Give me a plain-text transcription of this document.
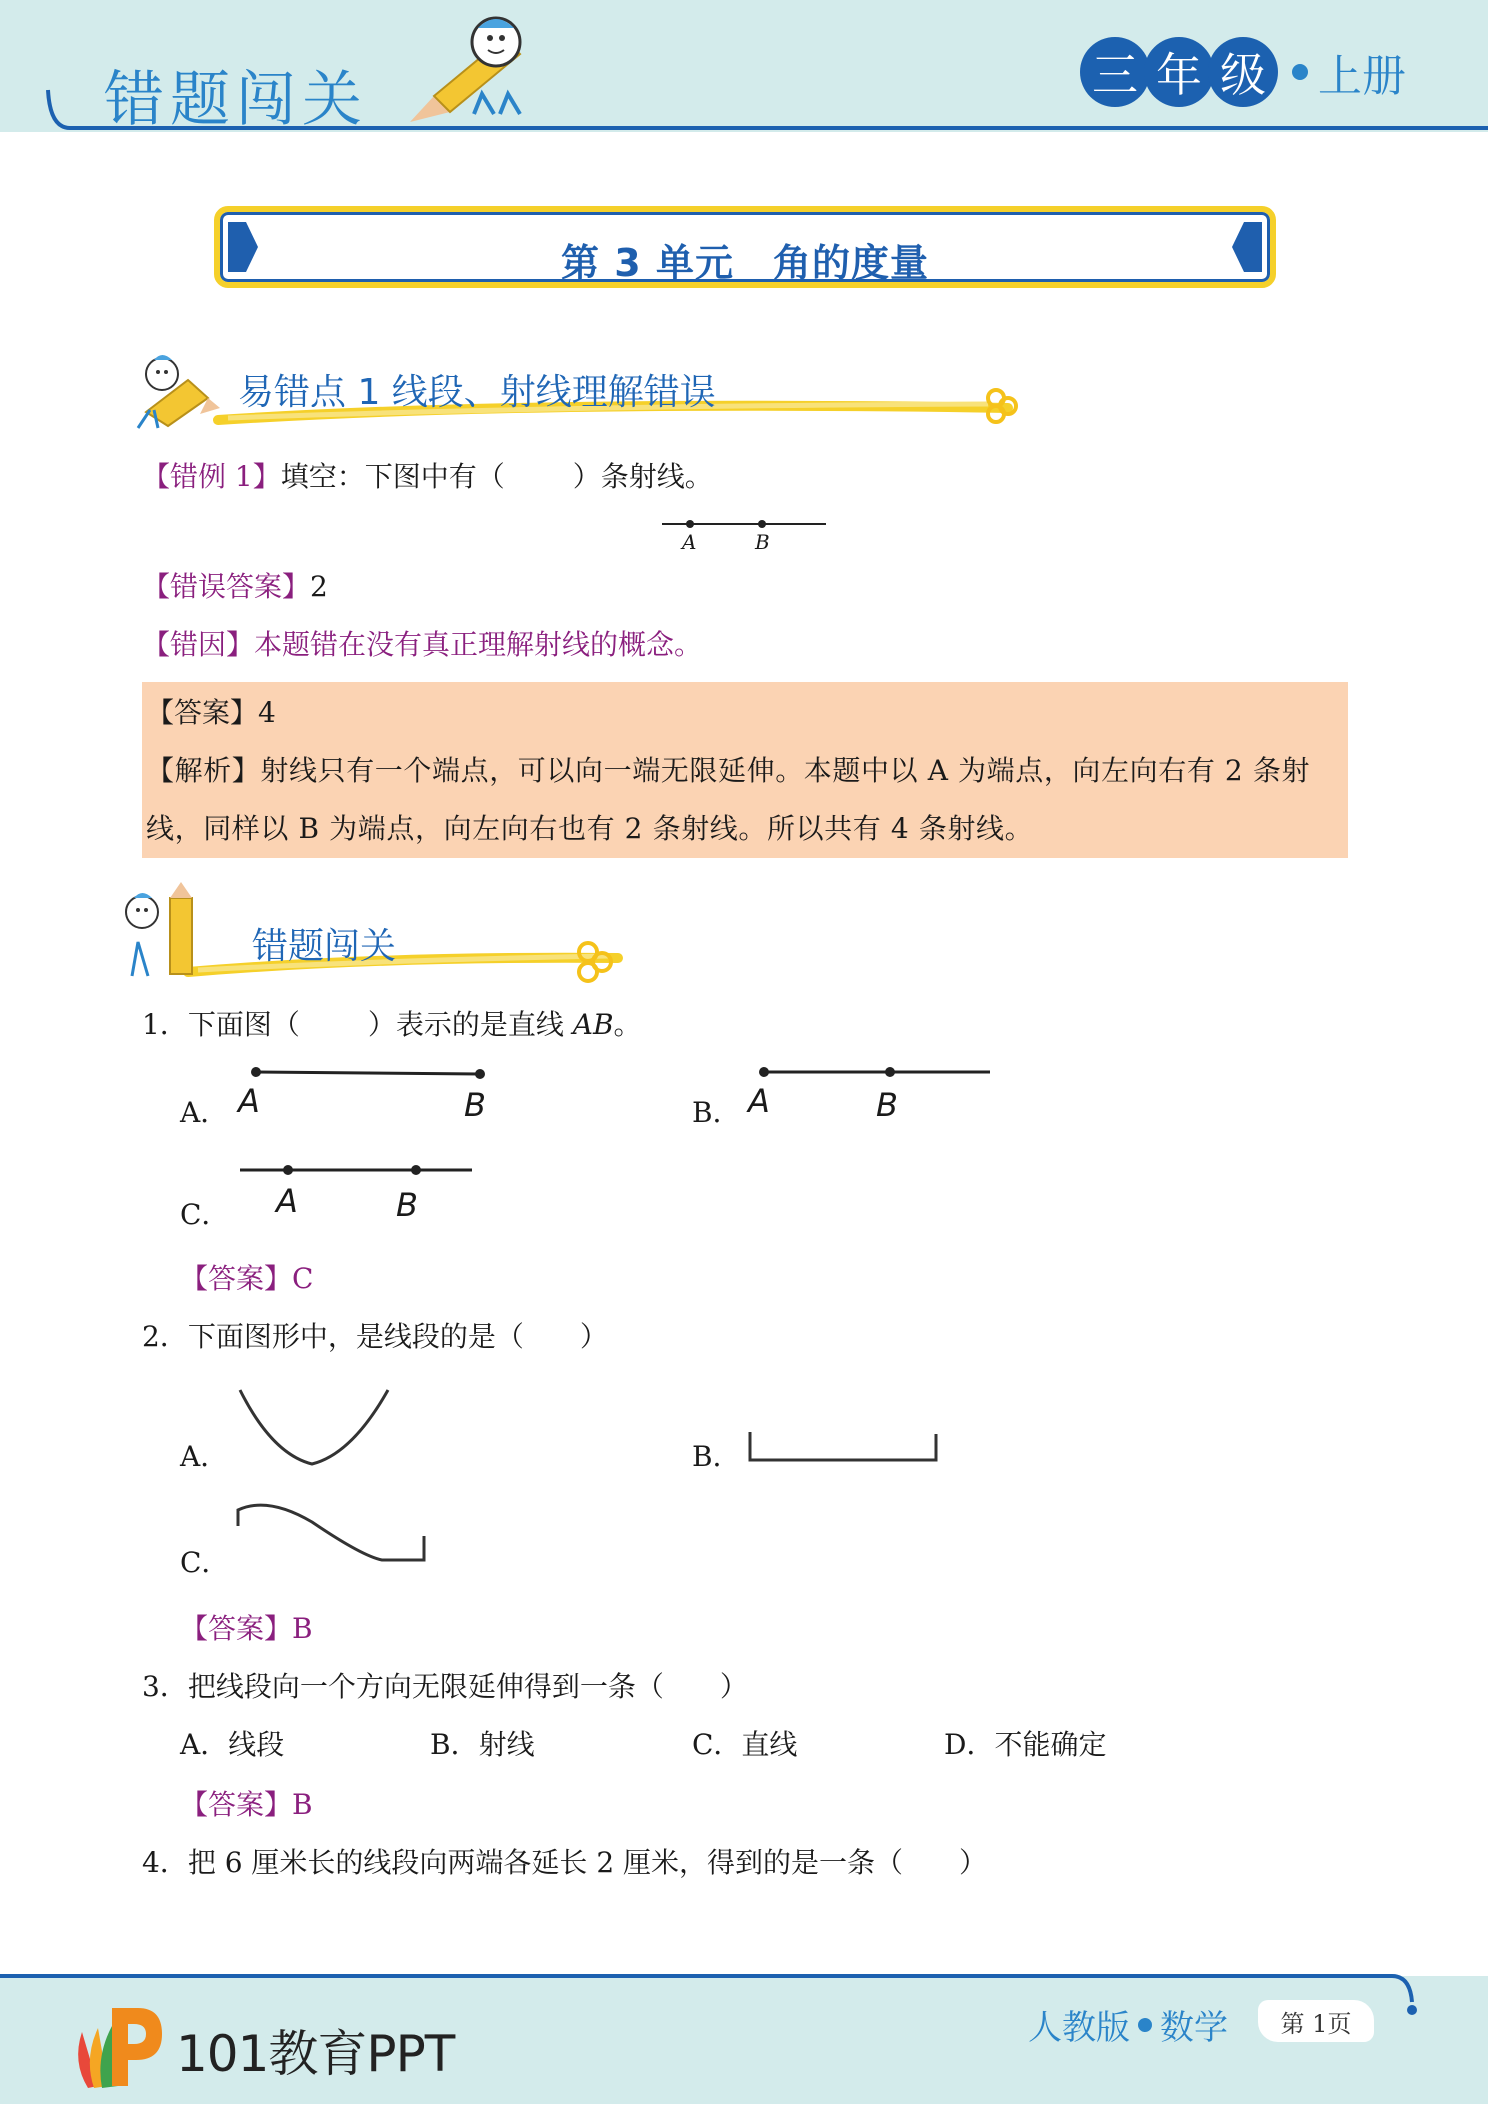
错题闯关	三 年 级 上册
第 3 单元　角的度量
易错点 1 线段、射线理解错误
【错例 1】填空：下图中有（ ）条射线。
A	B
【错误答案】2
【错因】本题错在没有真正理解射线的概念。
【答案】4
【解析】射线只有一个端点，可以向一端无限延伸。本题中以 A 为端点，向左向右有 2 条射
线，同样以 B 为端点，向左向右也有 2 条射线。所以共有 4 条射线。
错题闯关
1．下面图（ ）表示的是直线 AB。
A． A	B	B． A	B
C． A	B
【答案】C
2．下面图形中，是线段的是（　　）
A．	B．
C．
【答案】B
3．把线段向一个方向无限延伸得到一条（　　）
A．线段	B．射线	C．直线	D．不能确定
【答案】B
4．把 6 厘米长的线段向两端各延长 2 厘米，得到的是一条（　　）
101教育PPT	人教版 数学	第 1页
